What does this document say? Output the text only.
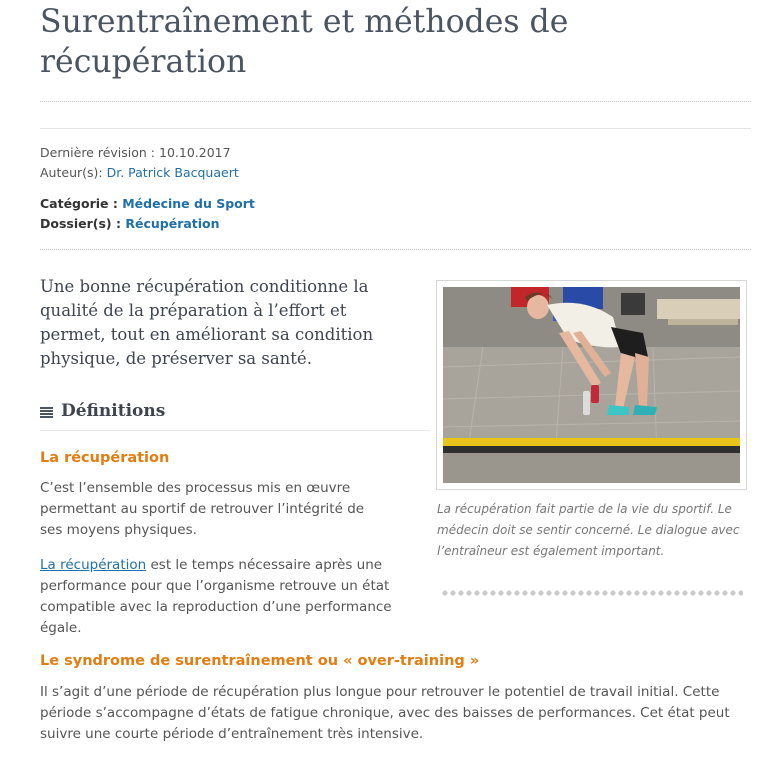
Surentraînement et méthodes de récupération
Dernière révision : 10.10.2017
Auteur(s): Dr. Patrick Bacquaert
Catégorie : Médecine du Sport
Dossier(s) : Récupération
Une bonne récupération conditionne la qualité de la préparation à l’effort et permet, tout en améliorant sa condition physique, de préserver sa santé.
Définitions
La récupération
C’est l’ensemble des processus mis en œuvre permettant au sportif de retrouver l’intégrité de ses moyens physiques.
La récupération est le temps nécessaire après une performance pour que l’organisme retrouve un état compatible avec la reproduction d’une performance égale.
Le syndrome de surentraînement ou « over-training »
Il s’agit d’une période de récupération plus longue pour retrouver le potentiel de travail initial. Cette période s’accompagne d’états de fatigue chronique, avec des baisses de performances. Cet état peut suivre une courte période d’entraînement très intensive.
La récupération fait partie de la vie du sportif. Le médecin doit se sentir concerné. Le dialogue avec l’entraîneur est également important.
